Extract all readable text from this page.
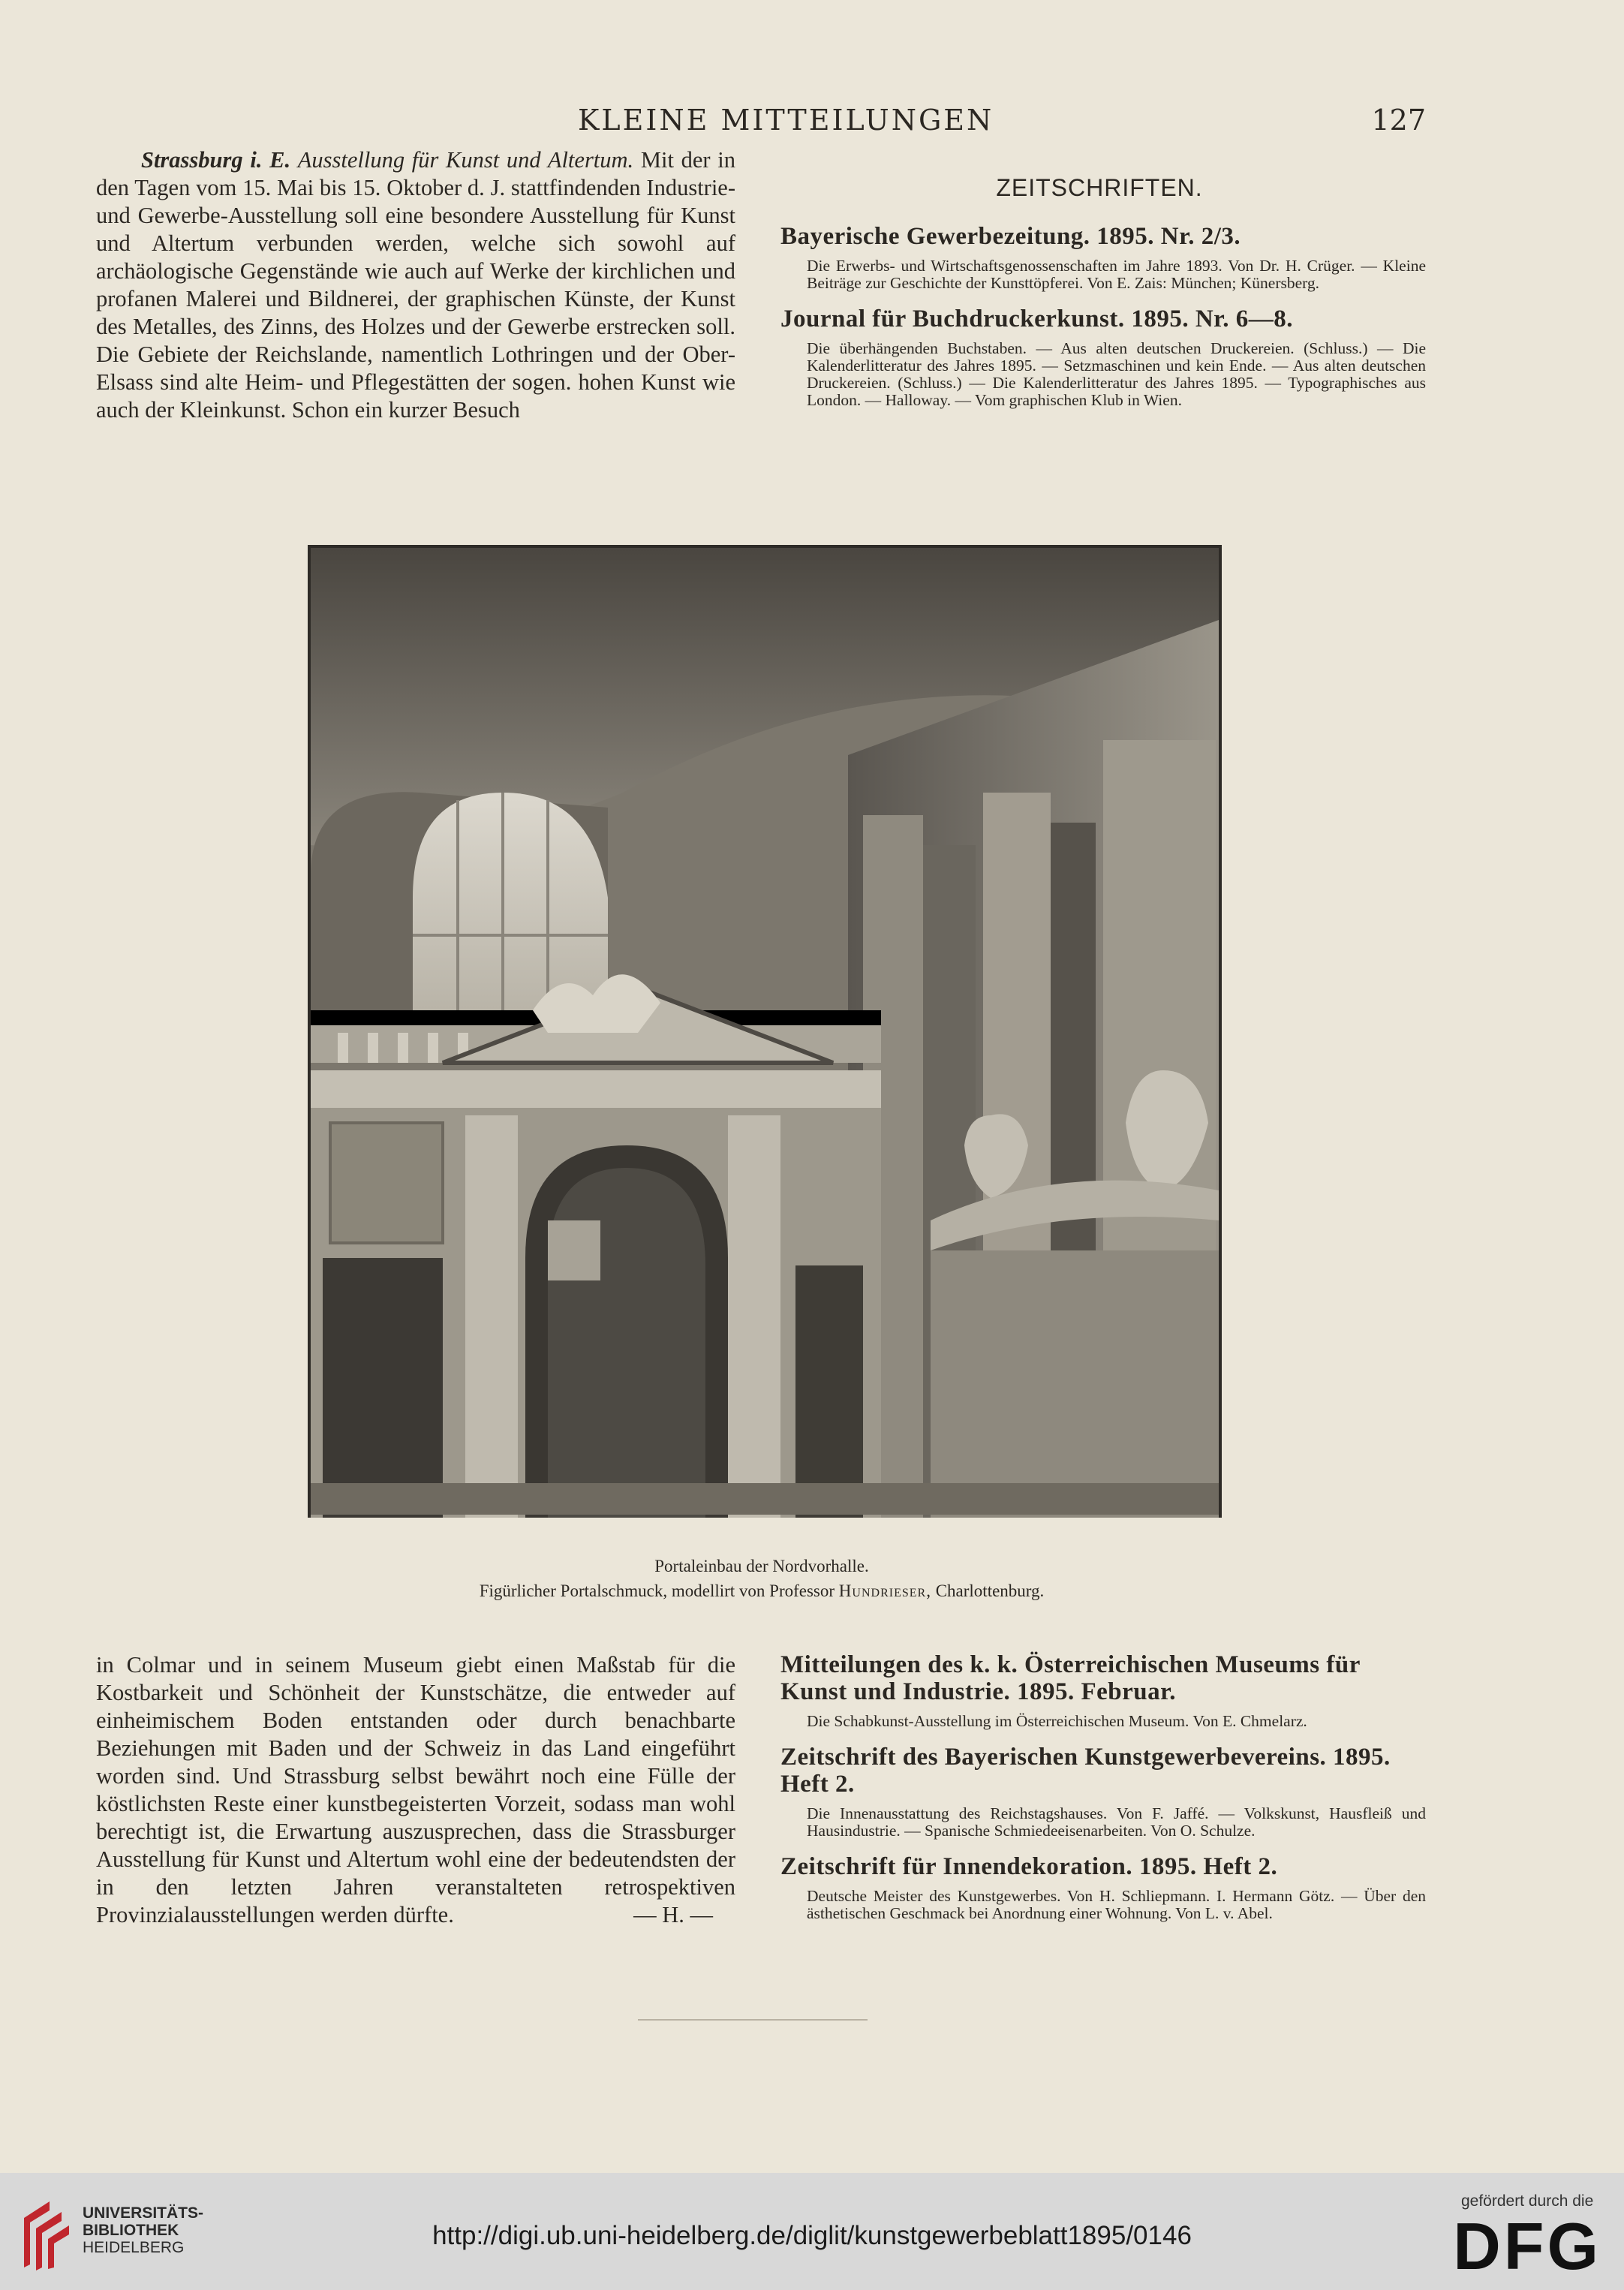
KLEINE MITTEILUNGEN	127

Strassburg i. E. Ausstellung für Kunst und Altertum. Mit der in den Tagen vom 15. Mai bis 15. Oktober d. J. stattfindenden Industrie- und Gewerbe-Ausstellung soll eine besondere Ausstellung für Kunst und Altertum verbunden werden, welche sich sowohl auf archäologische Gegenstände wie auch auf Werke der kirchlichen und profanen Malerei und Bildnerei, der graphischen Künste, der Kunst des Metalles, des Zinns, des Holzes und der Gewerbe erstrecken soll. Die Gebiete der Reichslande, namentlich Lothringen und der Ober-Elsass sind alte Heim- und Pflegestätten der sogen. hohen Kunst wie auch der Kleinkunst. Schon ein kurzer Besuch

ZEITSCHRIFTEN.
Bayerische Gewerbezeitung. 1895. Nr. 2/3.
Die Erwerbs- und Wirtschaftsgenossenschaften im Jahre 1893. Von Dr. H. Crüger. — Kleine Beiträge zur Geschichte der Kunsttöpferei. Von E. Zais: München; Künersberg.
Journal für Buchdruckerkunst. 1895. Nr. 6—8.
Die überhängenden Buchstaben. — Aus alten deutschen Druckereien. (Schluss.) — Die Kalenderlitteratur des Jahres 1895. — Setzmaschinen und kein Ende. — Aus alten deutschen Druckereien. (Schluss.) — Die Kalenderlitteratur des Jahres 1895. — Typographisches aus London. — Halloway. — Vom graphischen Klub in Wien.
Portaleinbau der Nordvorhalle.
Figürlicher Portalschmuck, modellirt von Professor Hundrieser, Charlottenburg.

in Colmar und in seinem Museum giebt einen Maßstab für die Kostbarkeit und Schönheit der Kunstschätze, die entweder auf einheimischem Boden entstanden oder durch benachbarte Beziehungen mit Baden und der Schweiz in das Land eingeführt worden sind. Und Strassburg selbst bewährt noch eine Fülle der köstlichsten Reste einer kunstbegeisterten Vorzeit, sodass man wohl berechtigt ist, die Erwartung auszusprechen, dass die Strassburger Ausstellung für Kunst und Altertum wohl eine der bedeutendsten der in den letzten Jahren veranstalteten retrospektiven Provinzialausstellungen werden dürfte.	— H. —

Mitteilungen des k. k. Österreichischen Museums für Kunst und Industrie. 1895. Februar.
Die Schabkunst-Ausstellung im Österreichischen Museum. Von E. Chmelarz.
Zeitschrift des Bayerischen Kunstgewerbevereins. 1895. Heft 2.
Die Innenausstattung des Reichstagshauses. Von F. Jaffé. — Volkskunst, Hausfleiß und Hausindustrie. — Spanische Schmiedeeisenarbeiten. Von O. Schulze.
Zeitschrift für Innendekoration. 1895. Heft 2.
Deutsche Meister des Kunstgewerbes. Von H. Schliepmann. I. Hermann Götz. — Über den ästhetischen Geschmack bei Anordnung einer Wohnung. Von L. v. Abel.
UNIVERSITÄTS-
BIBLIOTHEK
HEIDELBERG	http://digi.ub.uni-heidelberg.de/diglit/kunstgewerbeblatt1895/0146
gefördert durch die
DFG
